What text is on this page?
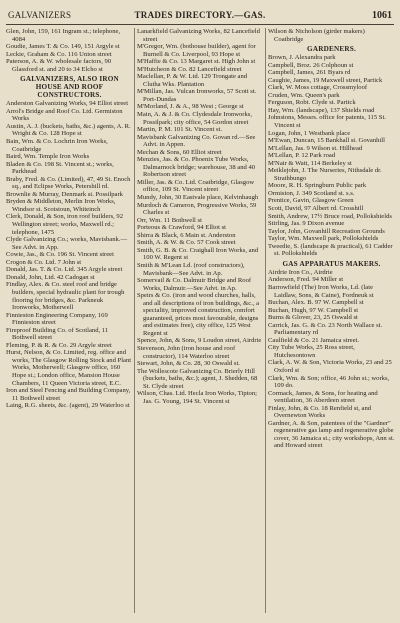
GALVANIZERS	TRADES DIRECTORY.—GAS.	1061

Glen, John, 159, 161 Ingram st.; telephone, 4084

Goudie, James T. & Co. 149, 151 Argyle st

Leckie, Graham & Co. 116 Union street

Paterson, A. & W. wholesale factors, 90 Glassford st. and 20 to 34 Elcho st

GALVANIZERS, ALSO IRON HOUSE AND ROOF CONSTRUCTORS.

Anderston Galvanizing Works, 94 Elliot street

Arrol's Bridge and Roof Co. Ltd. Germiston Works

Austin, A. J. (buckets, baths, &c.) agents, A. R. Wright & Co. 128 Hope st

Bain, Wm. & Co. Lochrin Iron Works, Coatbridge

Baird, Wm. Temple Iron Works

Bladen & Co. 198 St. Vincent st.; works, Parkhead

Braby, Fred. & Co. (Limited), 47, 49 St. Enoch sq., and Eclipse Works, Petershill rd.

Brownlie & Murray, Denmark st. Possilpark

Bryden & Middleton, Merlin Iron Works, Windsor st. Scotstoun, Whiteinch

Clerk, Donald, & Son, iron roof builders, 92 Wellington street; works, Maxwell rd.; telephone, 1475

Clyde Galvanizing Co.; works, Mavisbank.—See Advt. in App.

Cowie, Jas., & Co. 196 St. Vincent street

Crogon & Co. Ltd. 7 John st

Donald, Jas. T. & Co. Ltd. 345 Argyle street

Donald, John, Ltd. 42 Cadogan st

Findlay, Alex. & Co. steel roof and bridge builders, special hydraulic plant for trough flooring for bridges, &c. Parkneuk Ironworks, Motherwell

Finnieston Engineering Company, 169 Finnieston street

Fireproof Building Co. of Scotland, 11 Bothwell street

Fleming, P. & R. & Co. 29 Argyle street

Hurst, Nelson, & Co. Limited, reg. office and works, The Glasgow Rolling Stock and Plant Works, Motherwell; Glasgow office, 160 Hope st.; London office, Mansion House Chambers, 11 Queen Victoria street, E.C.

Iron and Steel Fencing and Building Company, 11 Bothwell street

Laing, R.G. sheets, &c. (agent), 29 Waterloo st

Lanarkfield Galvanizing Works, 82 Lancefield street

M'Gregor, Wm. (bothouse builder), agent for Burnell & Co. Liverpool, 93 Hope st

M'Haffie & Co. 13 Margaret st. High John st

M'Hutcheon & Co. 82 Lancefield street

Maclellan, P. & W. Ltd. 129 Trongate and Clutha Wks. Plantation

M'Millan, Jas. Vulcan Ironworks, 57 Scott st. Port-Dundas

M'Morland, J. & A., 98 West ; George st

Main, A. & J. & Co. Clydesdale Ironworks, Possilpark; city office, 54 Gordon street

Martin, P. M. 101 St. Vincent st.

Mavisbank Galvanizing Co. Govan rd.—See Advt. in Appen.

Mechan & Sons, 60 Elliot street

Menzies, Jas. & Co. Phoenix Tube Works, Dalmarnock bridge; warehouse, 38 and 40 Robertson street

Miller, Jas. & Co. Ltd. Coatbridge, Glasgow office, 109 St. Vincent street

Mundy, John, 30 Eastvale place, Kelvinhaugh

Murdoch & Cameron, Progressive Works, 59 Charles st

Orr, Wm. 11 Bothwell st

Porteous & Crawford, 94 Elliot st

Shirra & Black, 6 Main st. Anderston

Smith, A. & W. & Co. 57 Cook street

Smith, G. B. & Co. Craighall Iron Works, and 100 W. Regent st

Smith & M'Lean Ld. (roof constructors), Mavisbank—See Advt. in Ap.

Somervail & Co. Dalmuir Bridge and Roof Works, Dalmuir.—See Advt. in Ap.

Speirs & Co. (iron and wood churches, halls, and all descriptions of iron buildings, &c., a speciality, improved construction, comfort guaranteed, prices most favourable, designs and estimates free), city office, 125 West Regent st

Spence, John, & Sons, 9 Loudon street, Airdrie

Stevenson, John (iron house and roof constructor), 114 Waterloo street

Stewart, John, & Co. 28, 30 Oswald st.

The Wollescote Galvanizing Co. Brierly Hill (buckets, baths, &c.); agent, J. Shedden, 68 St. Clyde street

Wilson, Chas. Ltd. Hecla Iron Works, Tipton; Jas. G. Young, 194 St. Vincent st

Wilson & Nicholson (girder makers) Coatbridge

GARDENERS.

Brown, J. Alexandra park

Campbell, Broz. 26 Colphoun st

Campbell, James, 261 Byars rd

Caughie, James, 19 Maxwell street, Partick

Clark, W. Moss cottage, Crossmyloof

Cruden, Wm. Queen's park

Ferguson, Robt. Clyde st. Partick

Hay, Wm. (landscape), 137 Shields road

Johnstons, Messrs. office for patents, 115 St. Vincent st

Logan, John, 1 Westbank place

M'Ewan, Duncan, 15 Bankhall st. Govanhill

M'Lellan, Jas. 9 Wilson st. Hillhead

M'Lellan, P. 12 Park road

M'Nair & Watt, 114 Berkeley st

Meiklejohn, J. The Nurseries, Nithsdale dr. Strathbungo

Moore, R. H. Springburn Public park

Ormiston, J. 349 Scotland st. s.s.

Prentice, Gavin, Glasgow Green

Scott, David, 97 Albert rd. Crosshill

Smith, Andrew, 17½ Bruce road, Pollokshields

Stirling, Jas. 9 Dixon avenue

Taylor, John, Govanhill Recreation Grounds

Taylor, Wm. Maxwell park, Pollokshields

Tweedie, S. (landscape & practical), 61 Cadder st. Pollokshields

GAS APPARATUS MAKERS.

Airdrie Iron Co., Airdrie

Anderson, Fred. 94 Miller st

Barrowfield (The) Iron Works, Ld. (late Laidlaw, Sons, & Caine), Fordneuk st

Buchan, Alex. B. 97 W. Campbell st

Buchan, Hugh, 97 W. Campbell st

Burns & Glover, 23, 25 Oswald st

Carrick, Jas. G. & Co. 23 North Wallace st. Parliamentary rd

Caulfield & Co. 21 Jamaica street.

City Tube Works, 25 Ross street, Hutchesontown

Clark, A. W. & Son, Victoria Works, 23 and 25 Oxford st

Clark, Wm. & Son; office, 46 John st.; works, 109 do.

Cormack, James, & Sons, for heating and ventilation, 36 Aberdeen street

Finlay, John, & Co. 18 Renfield st, and Overnewton Works

Gardner, A. & Son, patentees of the "Gardner" regenerative gas lamp and regenerative globe cover, 36 Jamaica st.; city workshops, Ann st. and Howard street
